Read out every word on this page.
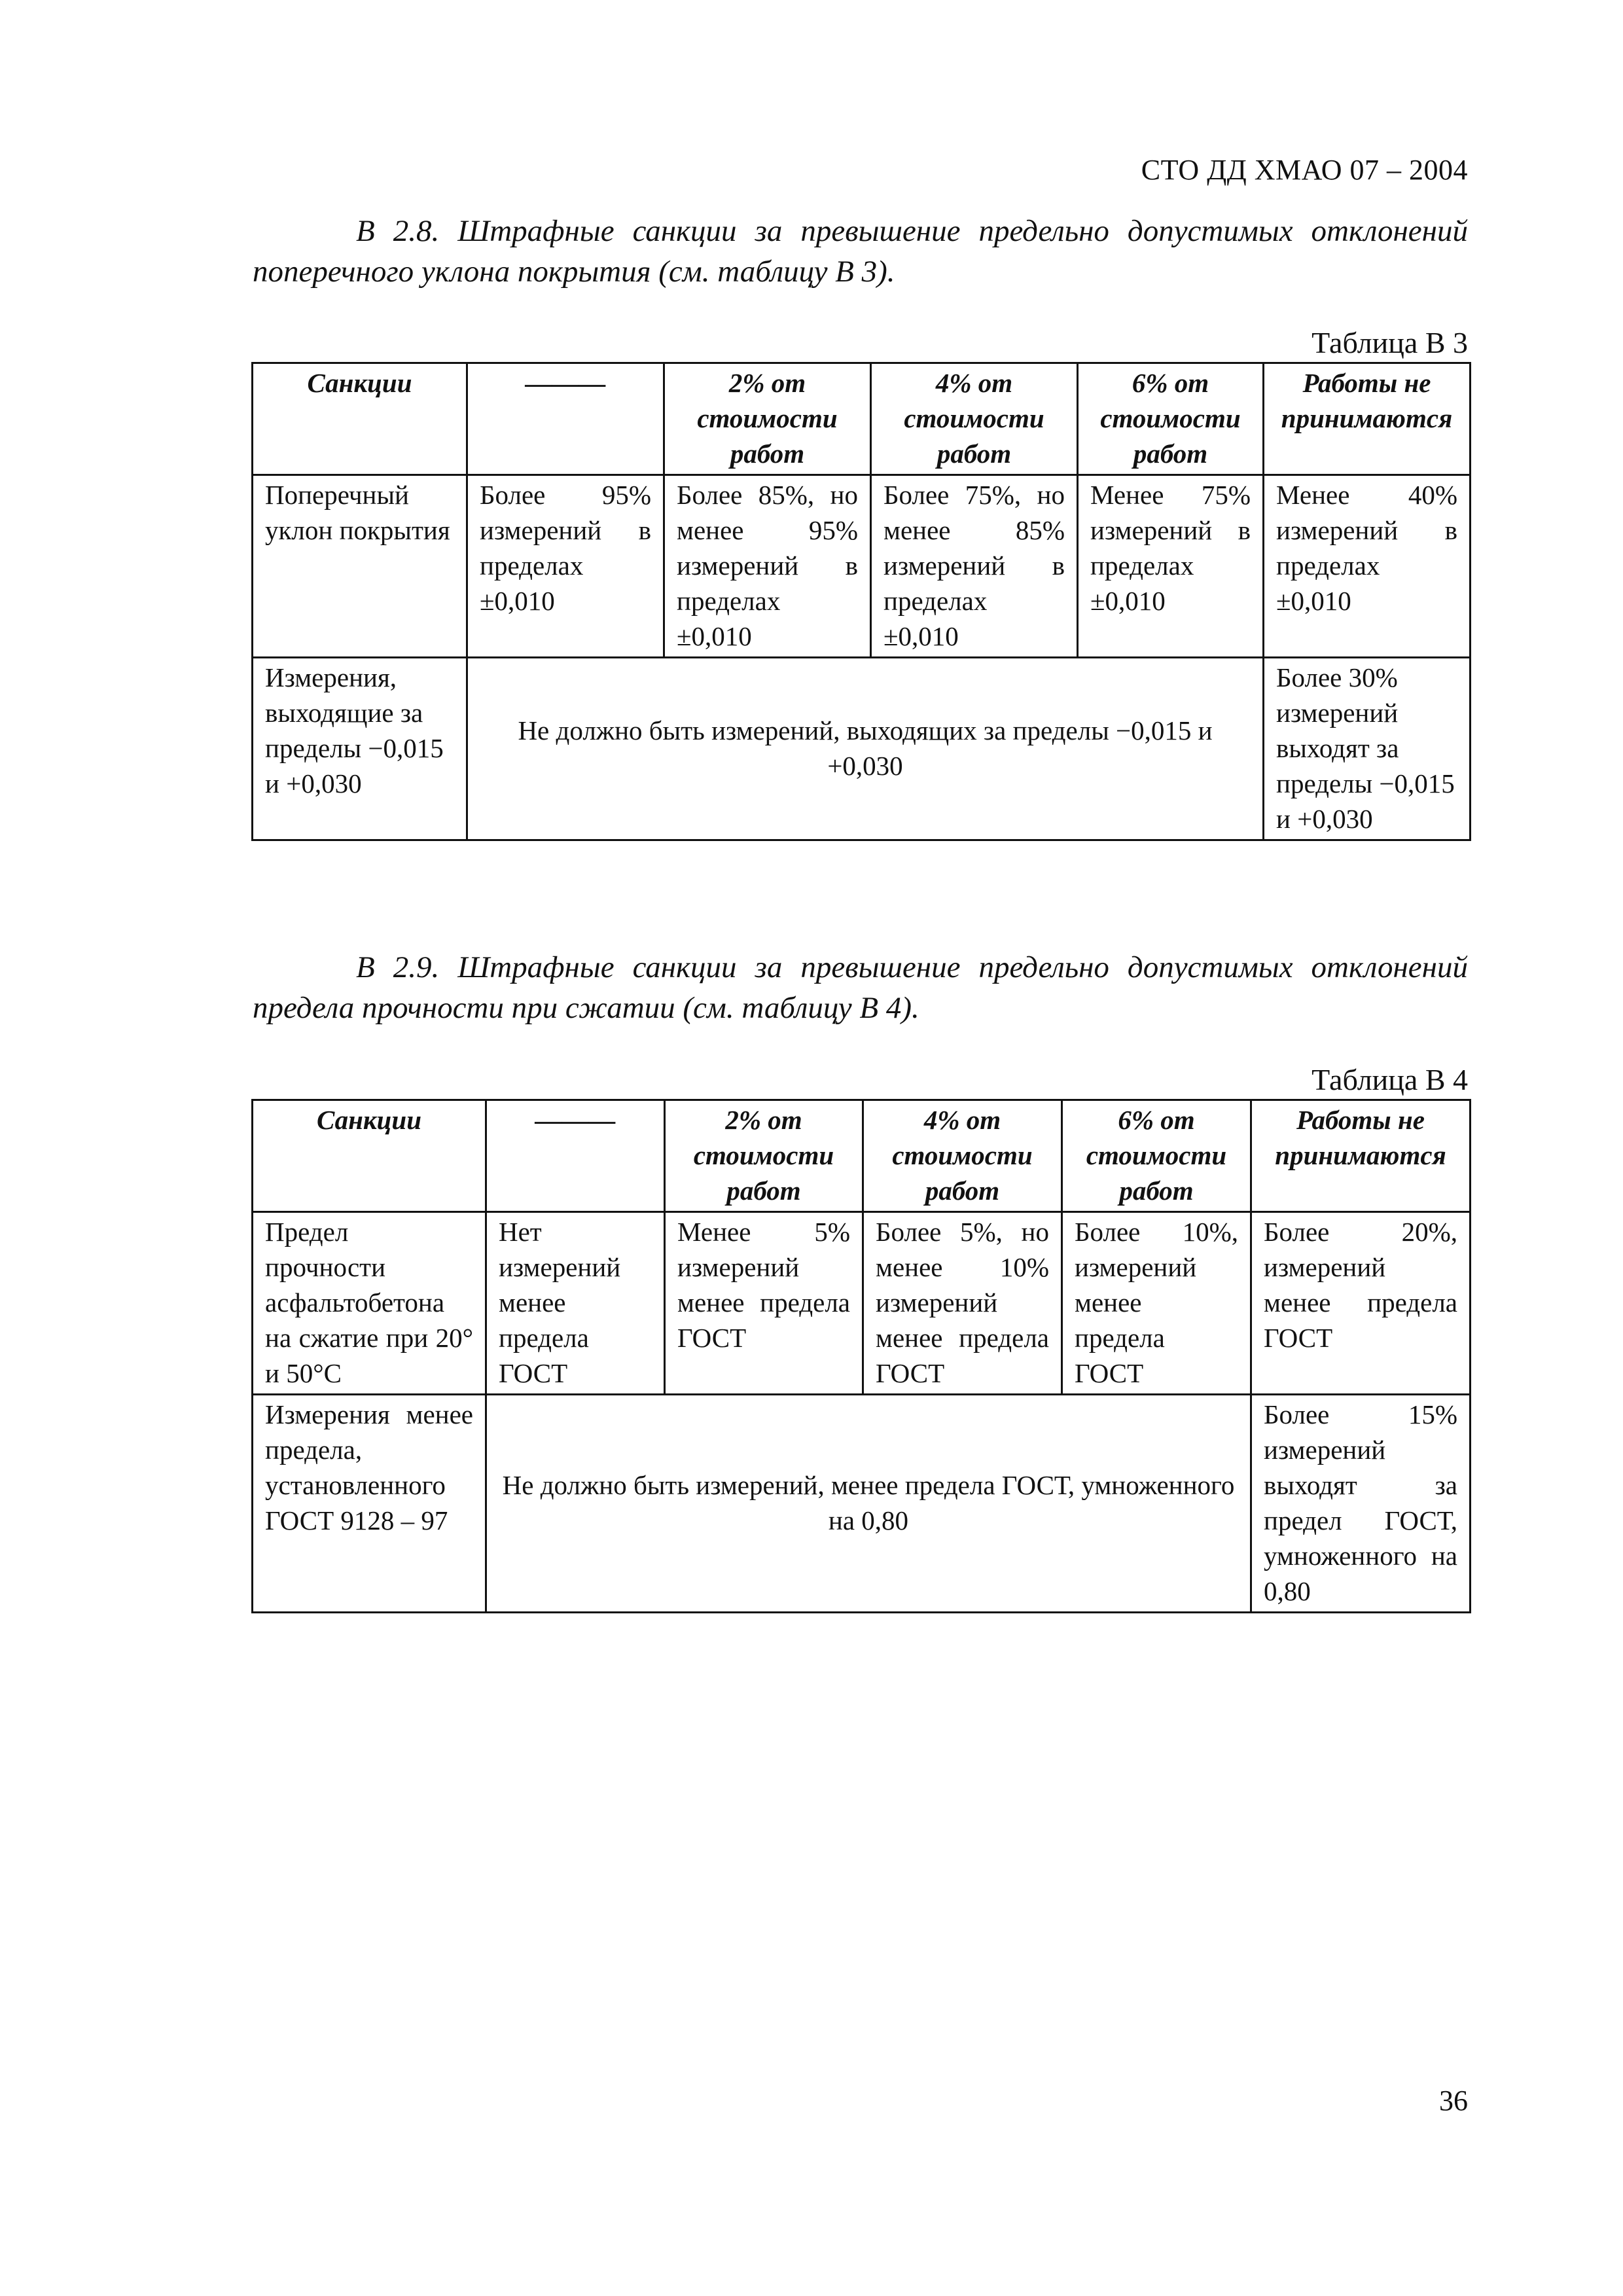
СТО ДД ХМАО 07 – 2004

В 2.8. Штрафные санкции за превышение предельно допустимых отклонений поперечного уклона покрытия (см. таблицу В 3).

Таблица В 3
Санкции	———	2% от стоимости работ	4% от стоимости работ	6% от стоимости работ	Работы не принимаются
Поперечный уклон покрытия	Более 95% измерений в пределах ±0,010	Более 85%, но менее 95% измерений в пределах ±0,010	Более 75%, но менее 85% измерений в пределах ±0,010	Менее 75% измерений в пределах ±0,010	Менее 40% измерений в пределах ±0,010
Измерения, выходящие за пределы −0,015 и +0,030	Не должно быть измерений, выходящих за пределы −0,015 и +0,030				Более 30% измерений выходят за пределы −0,015 и +0,030

В 2.9. Штрафные санкции за превышение предельно допустимых отклонений предела прочности при сжатии (см. таблицу В 4).

Таблица В 4
Санкции	———	2% от стоимости работ	4% от стоимости работ	6% от стоимости работ	Работы не принимаются
Предел прочности асфальтобетона на сжатие при 20° и 50°С	Нет измерений менее предела ГОСТ	Менее 5% измерений менее предела ГОСТ	Более 5%, но менее 10% измерений менее предела ГОСТ	Более 10%, измерений менее предела ГОСТ	Более 20%, измерений менее предела ГОСТ
Измерения менее предела, установленного ГОСТ 9128 – 97	Не должно быть измерений, менее предела ГОСТ, умноженного на 0,80				Более 15% измерений выходят за предел ГОСТ, умноженного на 0,80
36
